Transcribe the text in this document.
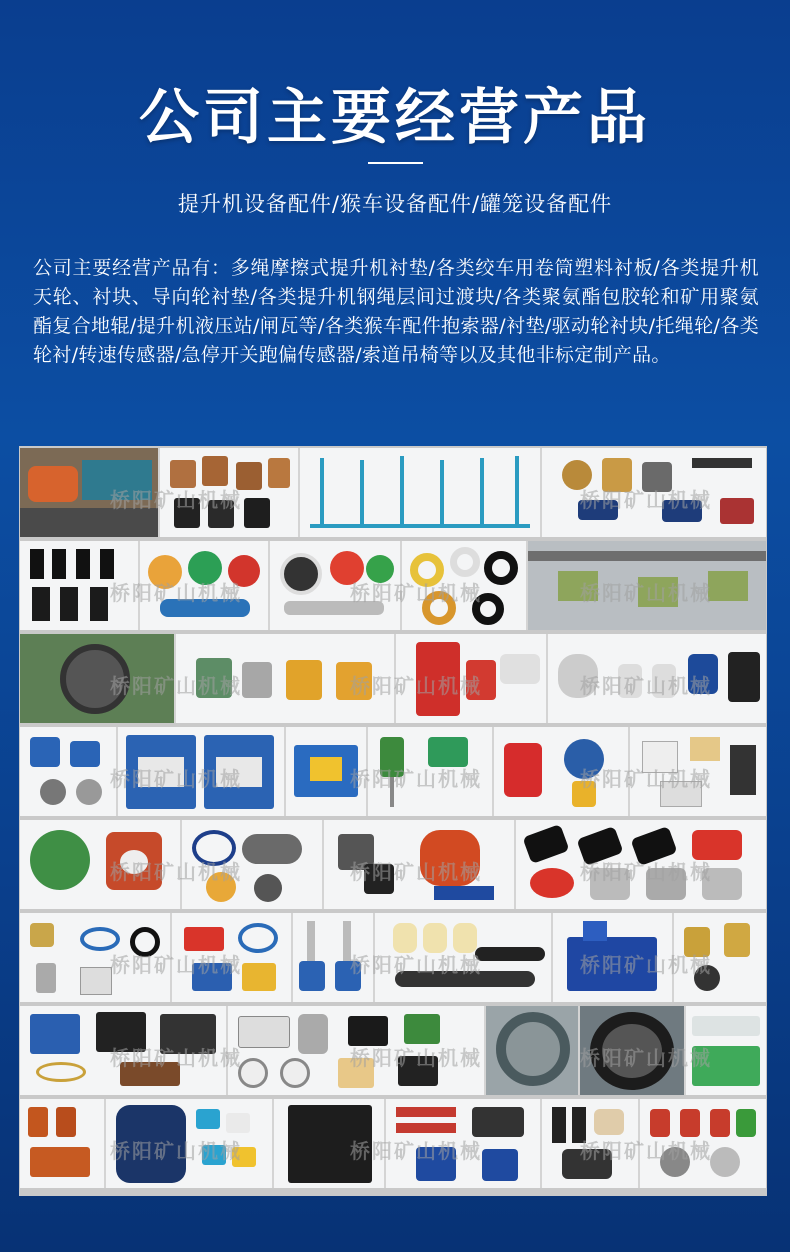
公司主要经营产品
提升机设备配件/猴车设备配件/罐笼设备配件
公司主要经营产品有：多绳摩擦式提升机衬垫/各类绞车用卷筒塑料衬板/各类提升机天轮、衬块、导向轮衬垫/各类提升机钢绳层间过渡块/各类聚氨酯包胶轮和矿用聚氨酯复合地辊/提升机液压站/闸瓦等/各类猴车配件抱索器/衬垫/驱动轮衬块/托绳轮/各类轮衬/转速传感器/急停开关跑偏传感器/索道吊椅等以及其他非标定制产品。
桥阳矿山机械	桥阳矿山机械
桥阳矿山机械	桥阳矿山机械	桥阳矿山机械
桥阳矿山机械	桥阳矿山机械	桥阳矿山机械
桥阳矿山机械	桥阳矿山机械	桥阳矿山机械
桥阳矿山机械	桥阳矿山机械	桥阳矿山机械
桥阳矿山机械	桥阳矿山机械	桥阳矿山机械
桥阳矿山机械	桥阳矿山机械	桥阳矿山机械
桥阳矿山机械	桥阳矿山机械	桥阳矿山机械
